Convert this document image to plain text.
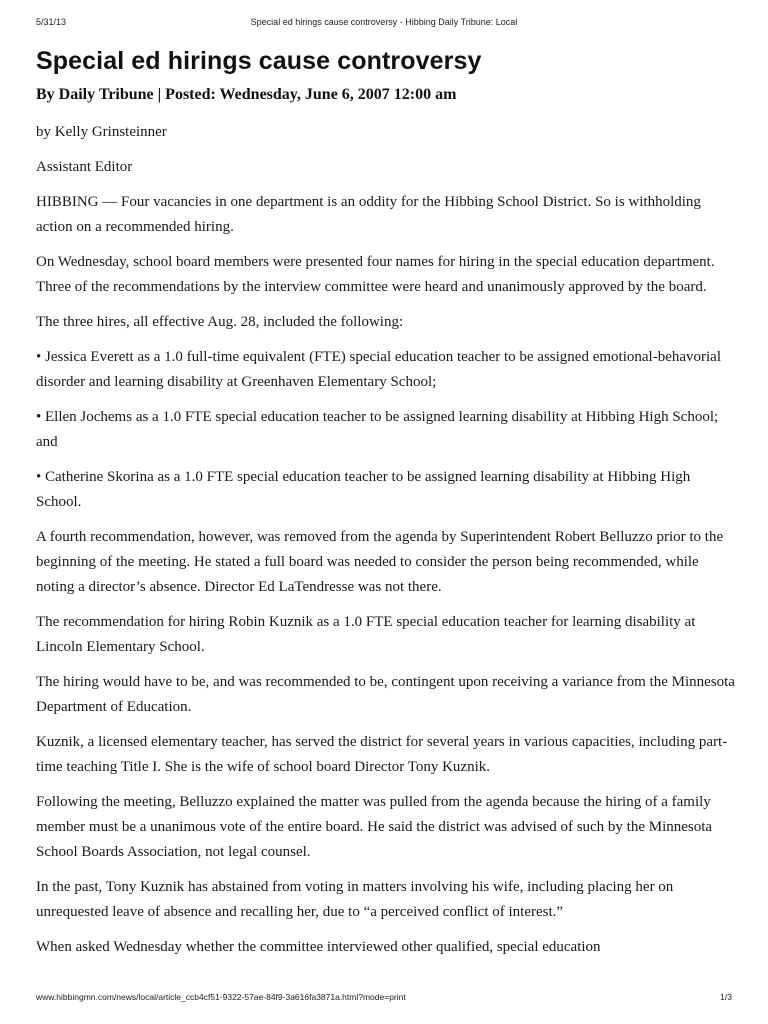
5/31/13	Special ed hirings cause controversy - Hibbing Daily Tribune: Local
Special ed hirings cause controversy
By Daily Tribune | Posted: Wednesday, June 6, 2007 12:00 am

by Kelly Grinsteinner

Assistant Editor

HIBBING — Four vacancies in one department is an oddity for the Hibbing School District. So is withholding action on a recommended hiring.

On Wednesday, school board members were presented four names for hiring in the special education department. Three of the recommendations by the interview committee were heard and unanimously approved by the board.

The three hires, all effective Aug. 28, included the following:

• Jessica Everett as a 1.0 full-time equivalent (FTE) special education teacher to be assigned emotional-behavorial disorder and learning disability at Greenhaven Elementary School;

• Ellen Jochems as a 1.0 FTE special education teacher to be assigned learning disability at Hibbing High School; and

• Catherine Skorina as a 1.0 FTE special education teacher to be assigned learning disability at Hibbing High School.

A fourth recommendation, however, was removed from the agenda by Superintendent Robert Belluzzo prior to the beginning of the meeting. He stated a full board was needed to consider the person being recommended, while noting a director’s absence. Director Ed LaTendresse was not there.

The recommendation for hiring Robin Kuznik as a 1.0 FTE special education teacher for learning disability at Lincoln Elementary School.

The hiring would have to be, and was recommended to be, contingent upon receiving a variance from the Minnesota Department of Education.

Kuznik, a licensed elementary teacher, has served the district for several years in various capacities, including part-time teaching Title I. She is the wife of school board Director Tony Kuznik.

Following the meeting, Belluzzo explained the matter was pulled from the agenda because the hiring of a family member must be a unanimous vote of the entire board. He said the district was advised of such by the Minnesota School Boards Association, not legal counsel.

In the past, Tony Kuznik has abstained from voting in matters involving his wife, including placing her on unrequested leave of absence and recalling her, due to “a perceived conflict of interest.”

When asked Wednesday whether the committee interviewed other qualified, special education

www.hibbingmn.com/news/local/article_ccb4cf51-9322-57ae-84f9-3a616fa3871a.html?mode=print	1/3
